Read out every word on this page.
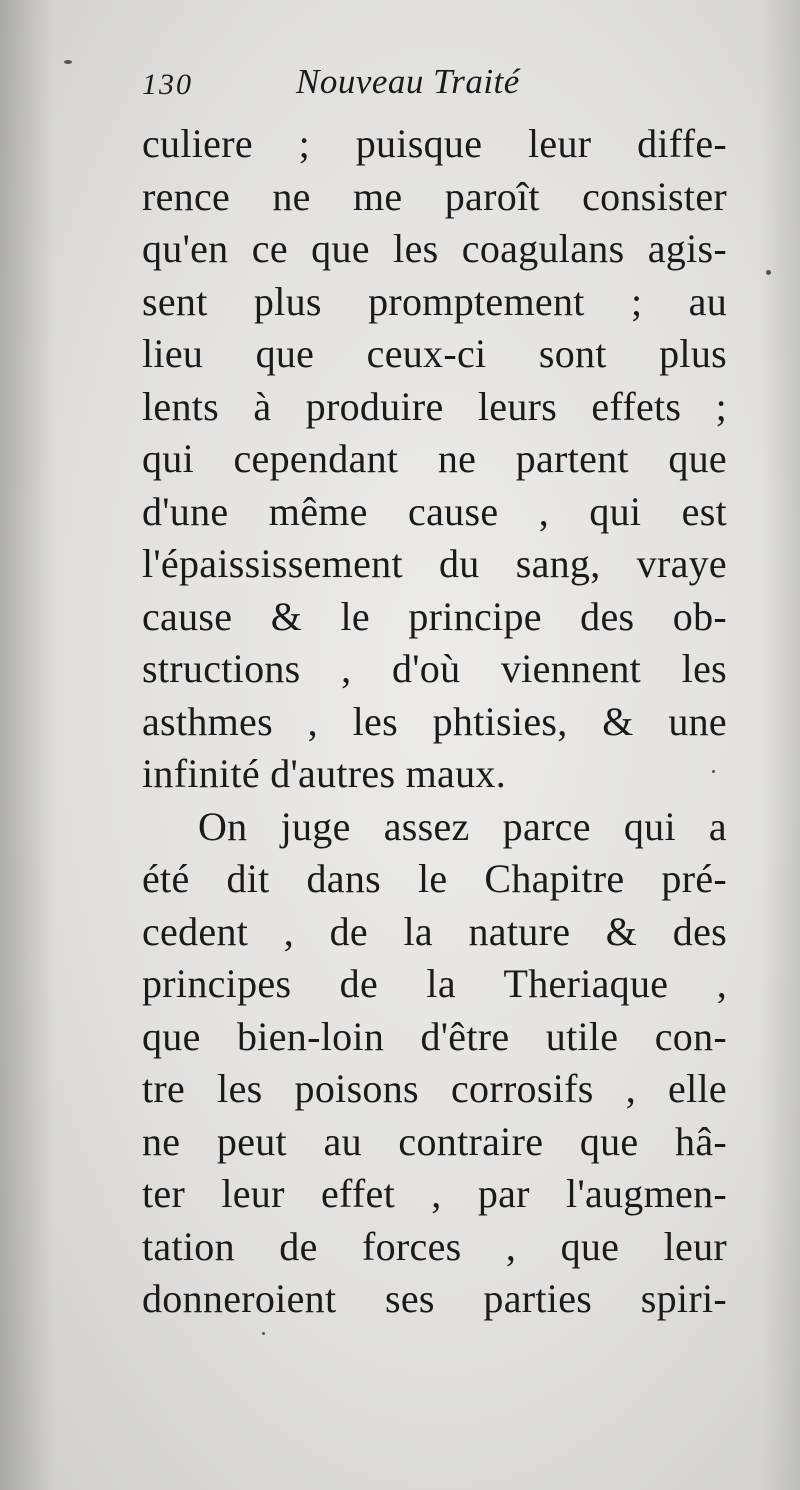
130	Nouveau Traité
culiere ; puisque leur diffe-
rence ne me paroît consister
qu'en ce que les coagulans agis-
sent plus promptement ; au
lieu que ceux-ci sont plus
lents à produire leurs effets ;
qui cependant ne partent que
d'une même cause , qui est
l'épaississement du sang, vraye
cause & le principe des ob-
structions , d'où viennent les
asthmes , les phtisies, & une
infinité d'autres maux.
On juge assez parce qui a
été dit dans le Chapitre pré-
cedent , de la nature & des
principes de la Theriaque ,
que bien-loin d'être utile con-
tre les poisons corrosifs , elle
ne peut au contraire que hâ-
ter leur effet , par l'augmen-
tation de forces , que leur
donneroient ses parties spiri-
